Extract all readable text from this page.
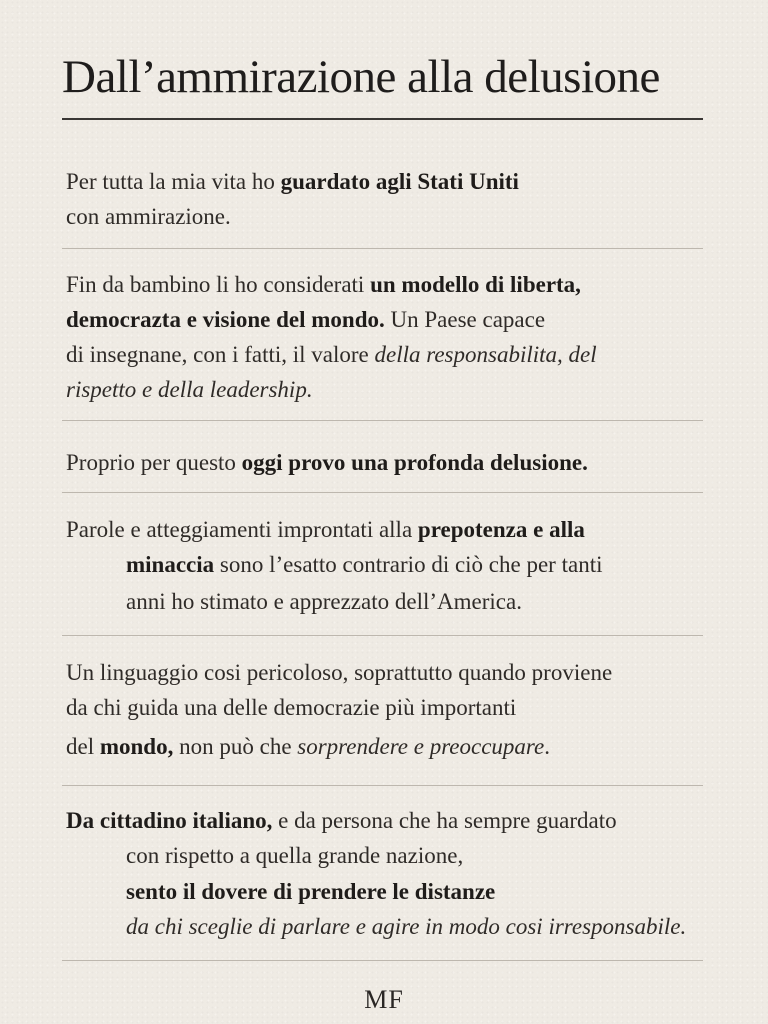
Dall’ammirazione alla delusione
Per tutta la mia vita ho guardato agli Stati Uniti
con ammirazione.
Fin da bambino li ho considerati un modello di liberta,
democrazta e visione del mondo. Un Paese capace
di insegnane, con i fatti, il valore della responsabilita, del
rispetto e della leadership.
Proprio per questo oggi provo una profonda delusione.
Parole e atteggiamenti improntati alla prepotenza e alla
minaccia sono l’esatto contrario di ciò che per tanti
anni ho stimato e apprezzato dell’America.
Un linguaggio cosi pericoloso, soprattutto quando proviene
da chi guida una delle democrazie più importanti
del mondo, non può che sorprendere e preoccupare.
Da cittadino italiano, e da persona che ha sempre guardato
con rispetto a quella grande nazione,
sento il dovere di prendere le distanze
da chi sceglie di parlare e agire in modo cosi irresponsabile.
MF
